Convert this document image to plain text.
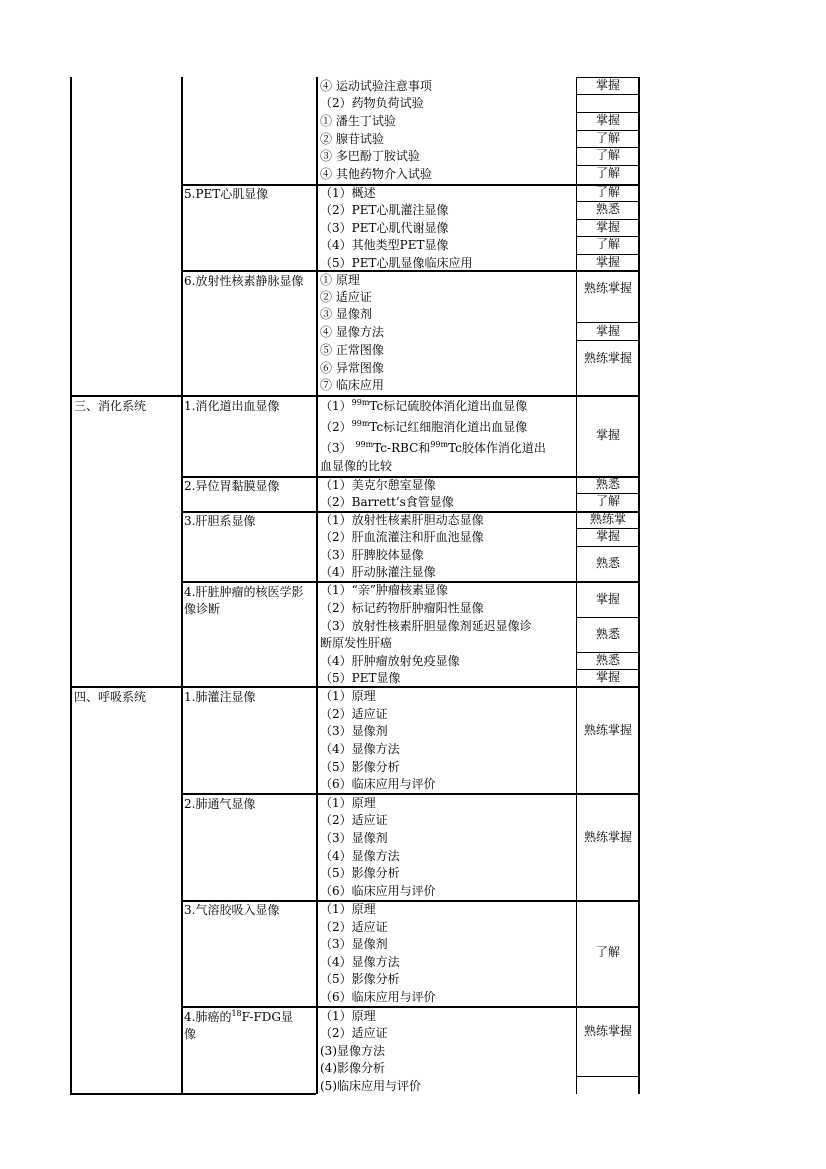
三、消化系统
四、呼吸系统
5.PET心肌显像
6.放射性核素静脉显像
1.消化道出血显像
2.异位胃黏膜显像
3.肝胆系显像
4.肝脏肿瘤的核医学影像诊断
1.肺灌注显像
2.肺通气显像
3.气溶胶吸入显像
4.肺癌的$^{18}$F-FDG显
像
④ 运动试验注意事项
（2）药物负荷试验
① 潘生丁试验
② 腺苷试验
③ 多巴酚丁胺试验
④ 其他药物介入试验
（1）概述
（2）PET心肌灌注显像
（3）PET心肌代谢显像
（4）其他类型PET显像
（5）PET心肌显像临床应用
① 原理
② 适应证
③ 显像剂
④ 显像方法
⑤ 正常图像
⑥ 异常图像
⑦ 临床应用
$(1)^{99m}Tc$标记硫胶体消化道出血显像
$(2)^{99m}Tc$标记红细胞消化道出血显像
（3） $^{99m}$Tc-RBC和$^{99m}$Tc胶体作消化道出
血显像的比较
（1）美克尔憩室显像
（2）Barrett’s食管显像
（1）放射性核素肝胆动态显像
（2）肝血流灌注和肝血池显像
（3）肝脾胶体显像
（4）肝动脉灌注显像
（1）“亲”肿瘤核素显像
（2）标记药物肝肿瘤阳性显像
（3）放射性核素肝胆显像剂延迟显像诊
断原发性肝癌
（4）肝肿瘤放射免疫显像
（5）PET显像
（1）原理
（2）适应证
（3）显像剂
（4）显像方法
（5）影像分析
（6）临床应用与评价
（1）原理
（2）适应证
（3）显像剂
（4）显像方法
（5）影像分析
（6）临床应用与评价
（1）原理
（2）适应证
（3）显像剂
（4）显像方法
（5）影像分析
（6）临床应用与评价
（1）原理
（2）适应证
(3)显像方法
(4)影像分析
(5)临床应用与评价
掌握
掌握
了解
了解
了解
了解
熟悉
掌握
了解
掌握
熟练掌握
掌握
熟练掌握
掌握
熟悉
了解
熟练掌
掌握
熟悉
掌握
熟悉
熟悉
掌握
熟练掌握
熟练掌握
了解
熟练掌握
